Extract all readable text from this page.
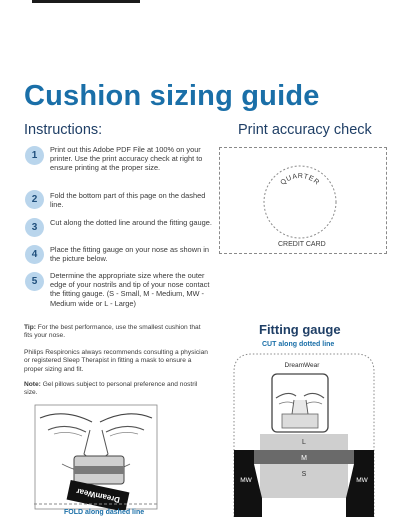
Cushion sizing guide
Instructions:
1
Print out this Adobe PDF File at 100% on your printer. Use the print accuracy check at right to ensure printing at the proper size.
2	Fold the bottom part of this page on the dashed line.
3	Cut along the dotted line around the fitting gauge.
4	Place the fitting gauge on your nose as shown in the picture below.
5
Determine the appropriate size where the outer edge of your nostrils and tip of your nose contact the fitting gauge. (S - Small, M - Medium, MW - Medium wide or L - Large)
Tip: For the best performance, use the smallest cushion that fits your nose.
Philips Respironics always recommends consulting a physician or registered Sleep Therapist in fitting a mask to ensure a proper sizing and fit.
Note: Gel pillows subject to personal preference and nostril size.
Print accuracy check
QUARTER
CREDIT CARD
Fitting gauge
CUT along dotted line
DreamWear
L
M
S
MW	MW
DreamWear
FOLD along dashed line
